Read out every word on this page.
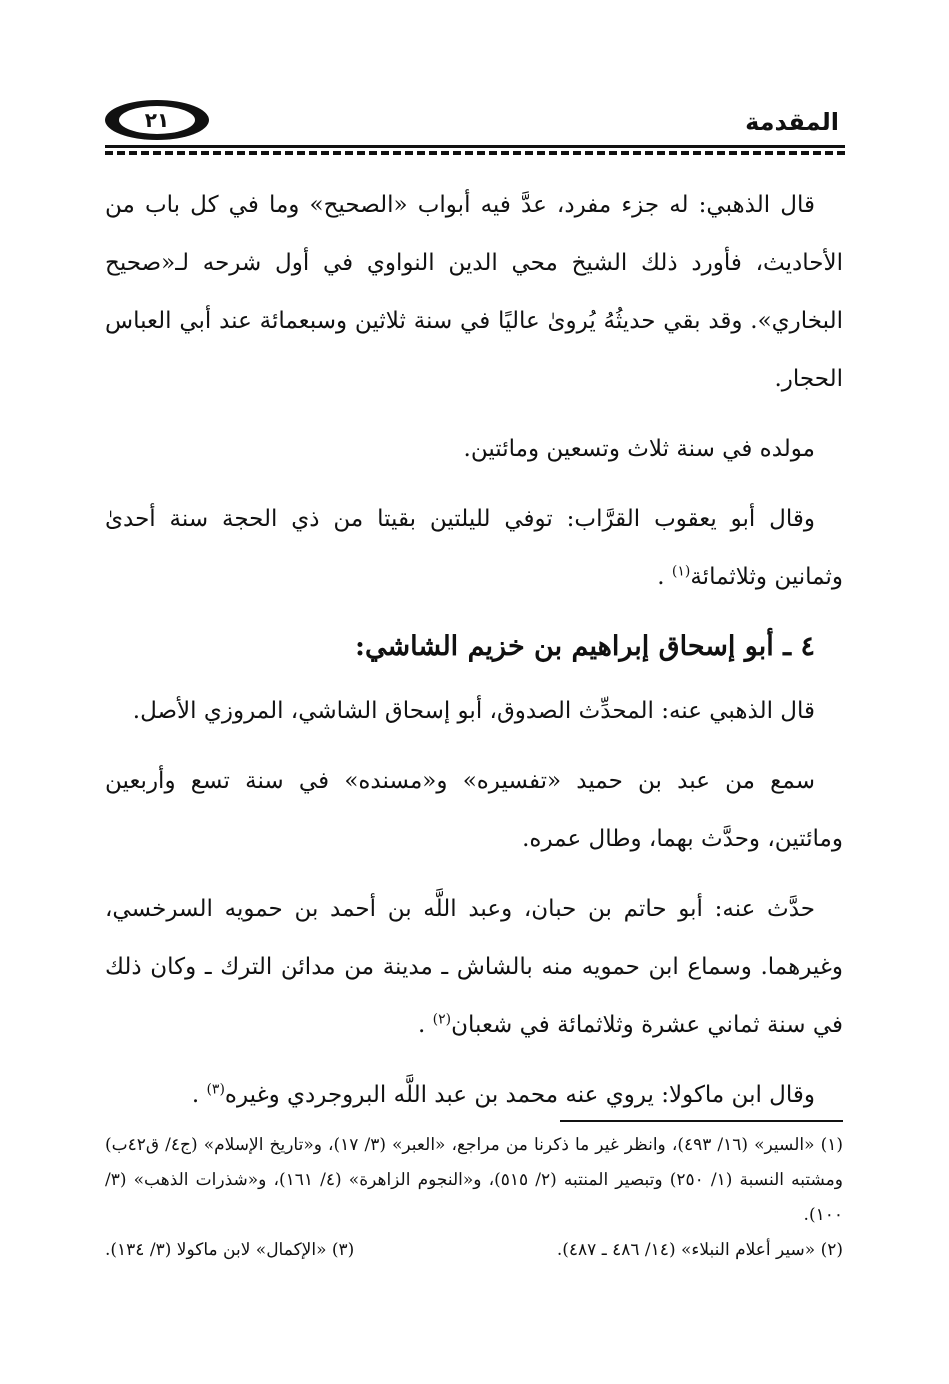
٢١	المقدمة

قال الذهبي: له جزء مفرد، عدَّ فيه أبواب «الصحيح» وما في كل باب من الأحاديث، فأورد ذلك الشيخ محي الدين النواوي في أول شرحه لـ«صحيح البخاري». وقد بقي حديثُهُ يُروىٰ عاليًا في سنة ثلاثين وسبعمائة عند أبي العباس الحجار.

مولده في سنة ثلاث وتسعين ومائتين.

وقال أبو يعقوب القرَّاب: توفي لليلتين بقيتا من ذي الحجة سنة أحدىٰ وثمانين وثلاثمائة$^{(١)}$ .

٤ ـ أبو إسحاق إبراهيم بن خزيم الشاشي:

قال الذهبي عنه: المحدِّث الصدوق، أبو إسحاق الشاشي، المروزي الأصل.

سمع من عبد بن حميد «تفسيره» و«مسنده» في سنة تسع وأربعين ومائتين، وحدَّث بهما، وطال عمره.

حدَّث عنه: أبو حاتم بن حبان، وعبد اللَّه بن أحمد بن حمويه السرخسي، وغيرهما. وسماع ابن حمويه منه بالشاش ـ مدينة من مدائن الترك ـ وكان ذلك في سنة ثماني عشرة وثلاثمائة في شعبان$^{(٢)}$ .

وقال ابن ماكولا: يروي عنه محمد بن عبد اللَّه البروجردي وغيره$^{(٣)}$ .

(١) «السير» (١٦/ ٤٩٣)، وانظر غير ما ذكرنا من مراجع، «العبر» (٣/ ١٧)، و«تاريخ الإسلام» (ج٤/ ق٤٢ب) ومشتبه النسبة (١/ ٢٥٠) وتبصير المنتبه (٢/ ٥١٥)، و«النجوم الزاهرة» (٤/ ١٦١)، و«شذرات الذهب» (٣/ ١٠٠).

(٢) «سير أعلام النبلاء» (١٤/ ٤٨٦ ـ ٤٨٧).
(٣) «الإكمال» لابن ماكولا (٣/ ١٣٤).
